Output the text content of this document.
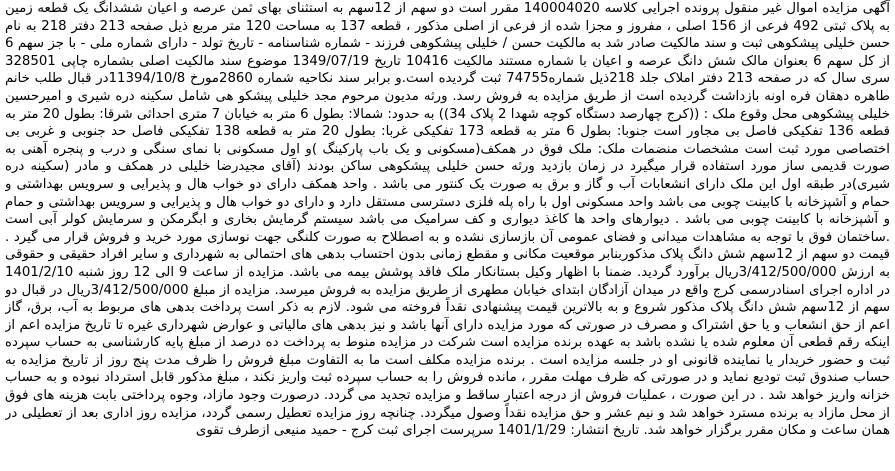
آگهی مزایده اموال غیر منقول پرونده اجرایی کلاسه 140004020 مقرر است دو سهم از 12سهم به استثنای بهای ثمن عرصه و اعیان ششدانگ یک قطعه زمین به پلاک ثبتی 492 فرعی از 156 اصلی ، مفروز و مجزا شده از فرعی از اصلی مذکور ، قطعه 137 به مساحت 120 متر مربع ذیل صفحه 213 دفتر 218 به نام حسن خلیلی پیشکوهی ثبت و سند مالکیت صادر شد به مالکیت حسن / خلیلی پیشکوهی فرزند - شماره شناسنامه - تاریخ تولد - دارای شماره ملی - با جز سهم 6 از کل سهم 6 بعنوان مالک شش دانگ عرصه و اعیان با شماره مستند مالکیت 10416 تاریخ 1349/07/19 موضوع سند مالکیت اصلی بشماره چاپی 328501 سری سال که در صفحه 213 دفتر املاک جلد 218ذیل شماره74755 ثبت گردیده است.و برابر سند نکاحیه شماره 2860مورخ 11394/10/8در قبال طلب خانم طاهره دهقان فره اونه بازداشت گردیده است از طریق مزایده به فروش رسد. ورثه مدیون مرحوم مجد خلیلی پیشکو هی شامل سکینه دره شیری و امیرحسین خلیلی پیشکوهی محل وقوع ملک : ((کرج چهارصد دستگاه کوچه شهدا 2 پلاک 34)) به حدود: شمالا: بطول 6 متر به خیابان 7 متری احداثی شرقا: بطول 20 متر به قطعه 136 تفکیکی فاصل بی مجاور است جنوبا: بطول 6 متر به قطعه 173 تفکیکی غربا: بطول 20 متر به قطعه 138 تفکیکی فاصل حد جنوبی و غربی بی اختصاصی مورد ثبت است مشخصات منضمات ملک: ملک فوق در همکف(مسکونی و یک باب پارکینگ )و اول مسکونی با نمای سنگی و درب و پنجره آهنی به صورت قدیمی ساز مورد استفاده قرار میگیرد در زمان بازدید ورثه حسن خلیلی پیشکوهی ساکن بودند (آقای مجیدرضا خلیلی در همکف و مادر (سکینه دره شیری)در طبقه اول این ملک دارای انشعابات آب و گاز و برق به صورت یک کنتور می باشد . واحد همکف دارای دو خواب هال و پذیرایی و سرویس بهداشتی و حمام و آشپزخانه با کابینت چوبی می باشد واحد مسکونی اول با راه پله فلزی دسترسی مستقل دارد و دارای دو خواب هال و پذیرایی و سرویس بهداشتی و حمام و آشپزخانه با کابینت چوبی می باشد . دیوارهای واحد ها کاغذ دیواری و کف سرامیک می باشد سیستم گرمایش بخاری و ابگرمکن و سرمایش کولر آبی است .ساختمان فوق با توجه به مشاهدات میدانی و فضای عمومی آن بازسازی نشده و به اصطلاح به صورت کلنگی جهت نوسازی مورد خرید و فروش قرار می گیرد . قیمت دو سهم از 12سهم شش دانگ پلاک مذکوربنابر موقعیت مکانی و مقطع زمانی بدون احتساب بدهی های احتمالی به شهرداری و سایر افراد حقیقی و حقوقی به ارزش 3/412/500/000ریال برآورد گردید. ضمنا با اظهار وکیل بستانکار ملک فاقد پوشش بیمه می باشد. مزایده از ساعت 9 الی 12 روز شنبه 1401/2/10 در اداره اجرای اسنادرسمی کرج واقع در میدان آزادگان ابتدای خیابان مطهری از طریق مزایده به فروش میرسد. مزایده از مبلغ 3/412/500/000ریال در قبال دو سهم از 12سهم شش دانگ پلاک مذکور شروع و به بالاترین قیمت پیشنهادی نقداً فروخته می شود. لازم به ذکر است پرداخت بدهی های مربوط به آب، برق، گاز اعم از حق انشعاب و یا حق اشتراک و مصرف در صورتی که مورد مزایده دارای آنها باشد و نیز بدهی های مالیاتی و عوارض شهرداری غیره تا تاریخ مزایده اعم از اینکه رقم قطعی آن معلوم شده یا نشده باشد به عهده برنده مزایده است شرکت در مزایده منوط به پرداخت ده درصد از مبلغ پایه کارشناسی به حساب سپرده ثبت و حضور خریدار یا نماینده قانونی او در جلسه مزایده است . برنده مزایده مکلف است ما به التفاوت مبلغ فروش را ظرف مدت پنج روز از تاریخ مزایده به حساب صندوق ثبت تودیع نماید و در صورتی که ظرف مهلت مقرر ، مانده فروش را به حساب سپرده ثبت واریز نکند ، مبلغ مذکور قابل استرداد نبوده و به حساب خزانه واریز خواهد شد . در این صورت ، عملیات فروش از درجه اعتبار ساقط و مزایده تجدید می گردد. درصورت وجود مازاد، وجوه پرداختی بابت هزینه های فوق از محل مازاد به برنده مسترد خواهد شد و نیم عشر و حق مزایده نقداً وصول میگردد. چنانچه روز مزایده تعطیل رسمی گردد، مزایده روز اداری بعد از تعطیلی در همان ساعت و مکان مقرر برگزار خواهد شد. تاریخ انتشار: 1401/1/29 سرپرست اجرای ثبت کرج - حمید منیعی ازطرف تقوی
